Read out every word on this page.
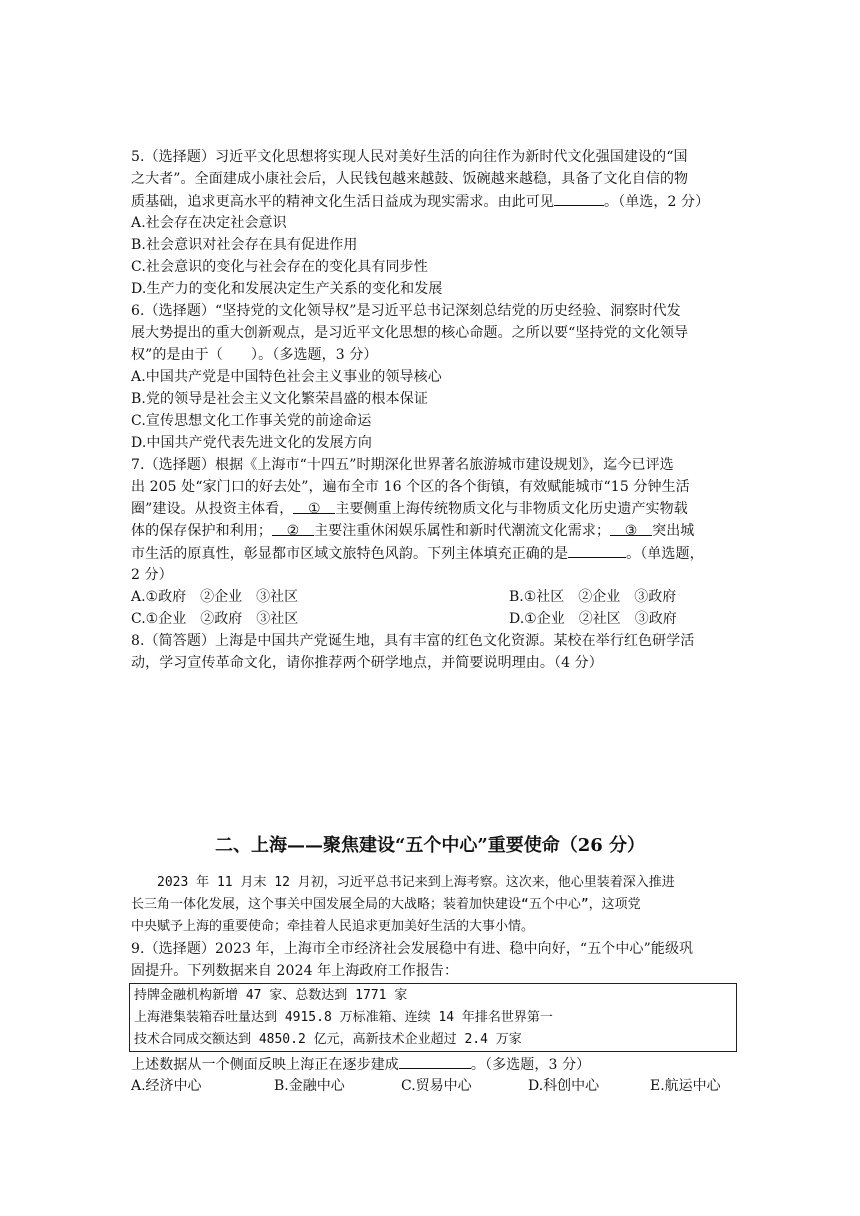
5.（选择题）习近平文化思想将实现人民对美好生活的向往作为新时代文化强国建设的“国
之大者”。全面建成小康社会后，人民钱包越来越鼓、饭碗越来越稳，具备了文化自信的物
质基础，追求更高水平的精神文化生活日益成为现实需求。由此可见	。（单选，2 分）
A.社会存在决定社会意识
B.社会意识对社会存在具有促进作用
C.社会意识的变化与社会存在的变化具有同步性
D.生产力的变化和发展决定生产关系的变化和发展
6.（选择题）“坚持党的文化领导权”是习近平总书记深刻总结党的历史经验、洞察时代发
展大势提出的重大创新观点，是习近平文化思想的核心命题。之所以要“坚持党的文化领导
权”的是由于（　　）。（多选题，3 分）
A.中国共产党是中国特色社会主义事业的领导核心
B.党的领导是社会主义文化繁荣昌盛的根本保证
C.宣传思想文化工作事关党的前途命运
D.中国共产党代表先进文化的发展方向
7.（选择题）根据《上海市“十四五”时期深化世界著名旅游城市建设规划》，迄今已评选
出 205 处“家门口的好去处”，遍布全市 16 个区的各个街镇，有效赋能城市“15 分钟生活
圈”建设。从投资主体看， ① 主要侧重上海传统物质文化与非物质文化历史遗产实物载
体的保存保护和利用； ② 主要注重休闲娱乐属性和新时代潮流文化需求； ③ 突出城
市生活的原真性，彰显都市区域文旅特色风韵。下列主体填充正确的是	。（单选题，
2 分）
A.①政府　②企业　③社区	B.①社区　②企业　③政府
C.①企业　②政府　③社区	D.①企业　②社区　③政府
8.（简答题）上海是中国共产党诞生地，具有丰富的红色文化资源。某校在举行红色研学活
动，学习宣传革命文化，请你推荐两个研学地点，并简要说明理由。（4 分）
二、上海——聚焦建设“五个中心”重要使命（26 分）
　　2023 年 11 月末 12 月初，习近平总书记来到上海考察。这次来，他心里装着深入推进
长三角一体化发展，这个事关中国发展全局的大战略；装着加快建设“五个中心”，这项党
中央赋予上海的重要使命；牵挂着人民追求更加美好生活的大事小情。
9.（选择题）2023 年，上海市全市经济社会发展稳中有进、稳中向好，“五个中心”能级巩
固提升。下列数据来自 2024 年上海政府工作报告：
持牌金融机构新增 47 家、总数达到 1771 家
上海港集装箱吞吐量达到 4915.8 万标准箱、连续 14 年排名世界第一
技术合同成交额达到 4850.2 亿元，高新技术企业超过 2.4 万家
上述数据从一个侧面反映上海正在逐步建成	。（多选题，3 分）
A.经济中心	B.金融中心	C.贸易中心	D.科创中心	E.航运中心
